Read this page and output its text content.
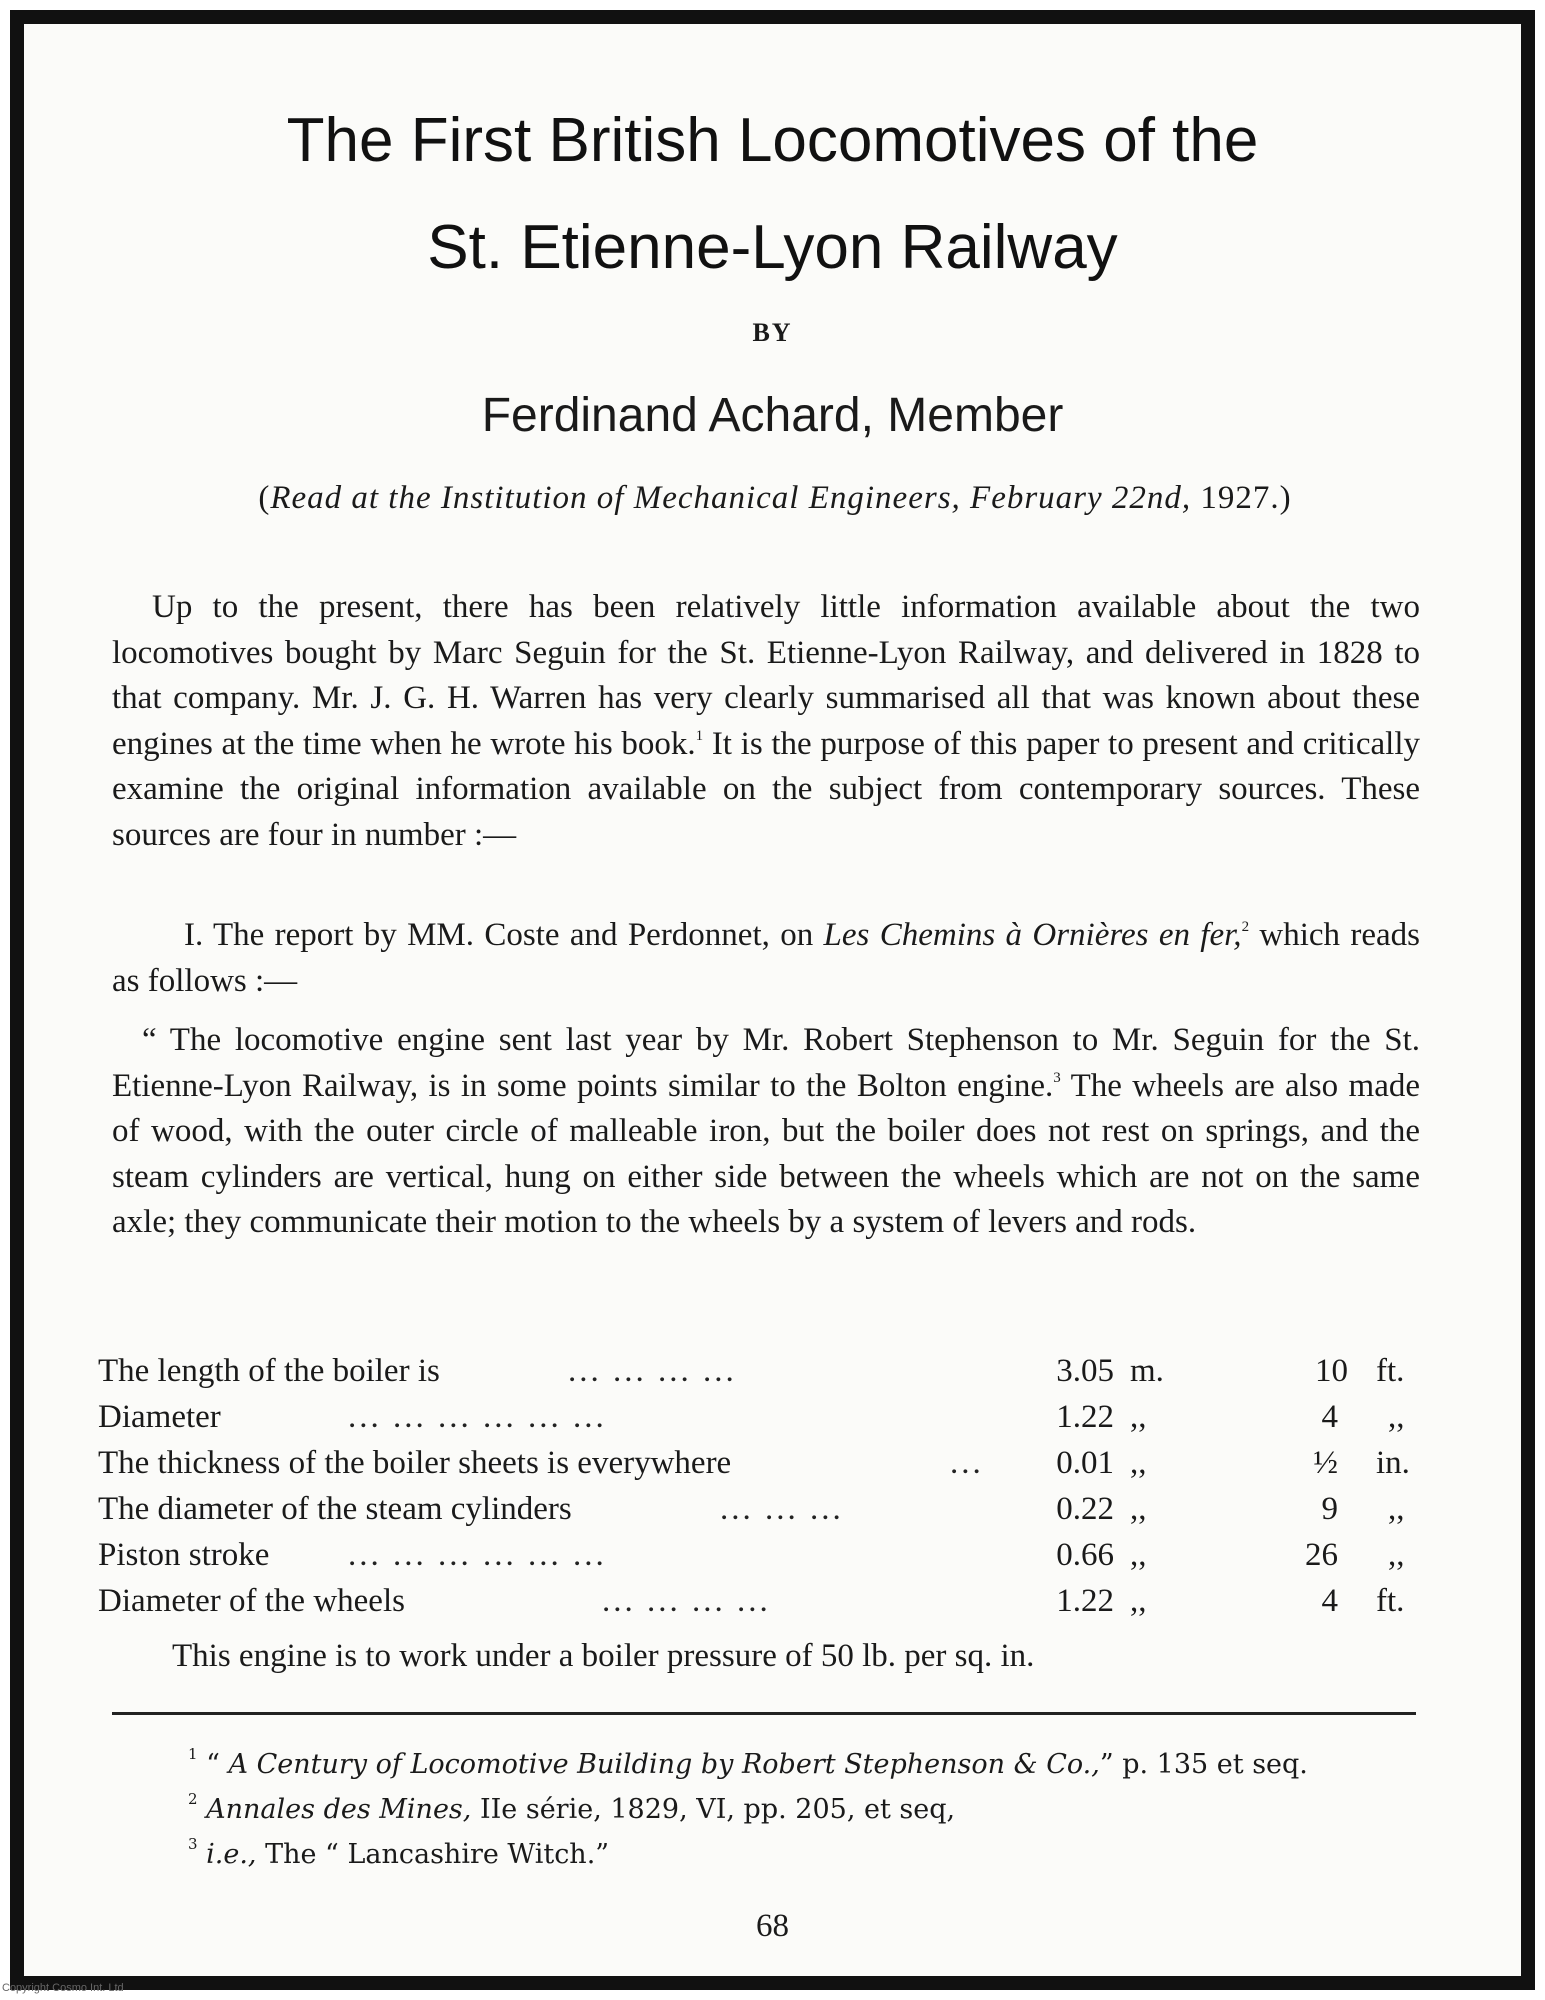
The First British Locomotives of the
St. Etienne-Lyon Railway
BY
Ferdinand Achard, Member
(Read at the Institution of Mechanical Engineers, February 22nd, 1927.)
Up to the present, there has been relatively little information available about the two locomotives bought by Marc Seguin for the St. Etienne-Lyon Railway, and delivered in 1828 to that company. Mr. J. G. H. Warren has very clearly summarised all that was known about these engines at the time when he wrote his book.$^1$ It is the purpose of this paper to present and critically examine the original information available on the subject from contemporary sources. These sources are four in number :—
I. The report by MM. Coste and Perdonnet, on Les Chemins à Ornières en fer,$^2$ which reads as follows :—
“ The locomotive engine sent last year by Mr. Robert Stephenson to Mr. Seguin for the St. Etienne-Lyon Railway, is in some points similar to the Bolton engine.$^3$ The wheels are also made of wood, with the outer circle of malleable iron, but the boiler does not rest on springs, and the steam cylinders are vertical, hung on either side between the wheels which are not on the same axle; they communicate their motion to the wheels by a system of levers and rods.
The length of the boiler is	... ... ... ...	3.05 m.	10 ft.
Diameter	... ... ... ... ... ...	1.22 ,,	4 ,,
The thickness of the boiler sheets is everywhere	...	0.01 ,,	½ in.
The diameter of the steam cylinders	... ... ...	0.22 ,,	9 ,,
Piston stroke ... ... ... ... ... ...	0.66 ,,	26 ,,
Diameter of the wheels	... ... ... ...	1.22 ,,	4 ft.
This engine is to work under a boiler pressure of 50 lb. per sq. in.
$^1$ “ A Century of Locomotive Building by Robert Stephenson & Co.,” p. 135 et seq.
$^2$ Annales des Mines, IIe série, 1829, VI, pp. 205, et seq,
$^3$ i.e., The “ Lancashire Witch.”
68
Copyright Cosmo Int. Ltd
